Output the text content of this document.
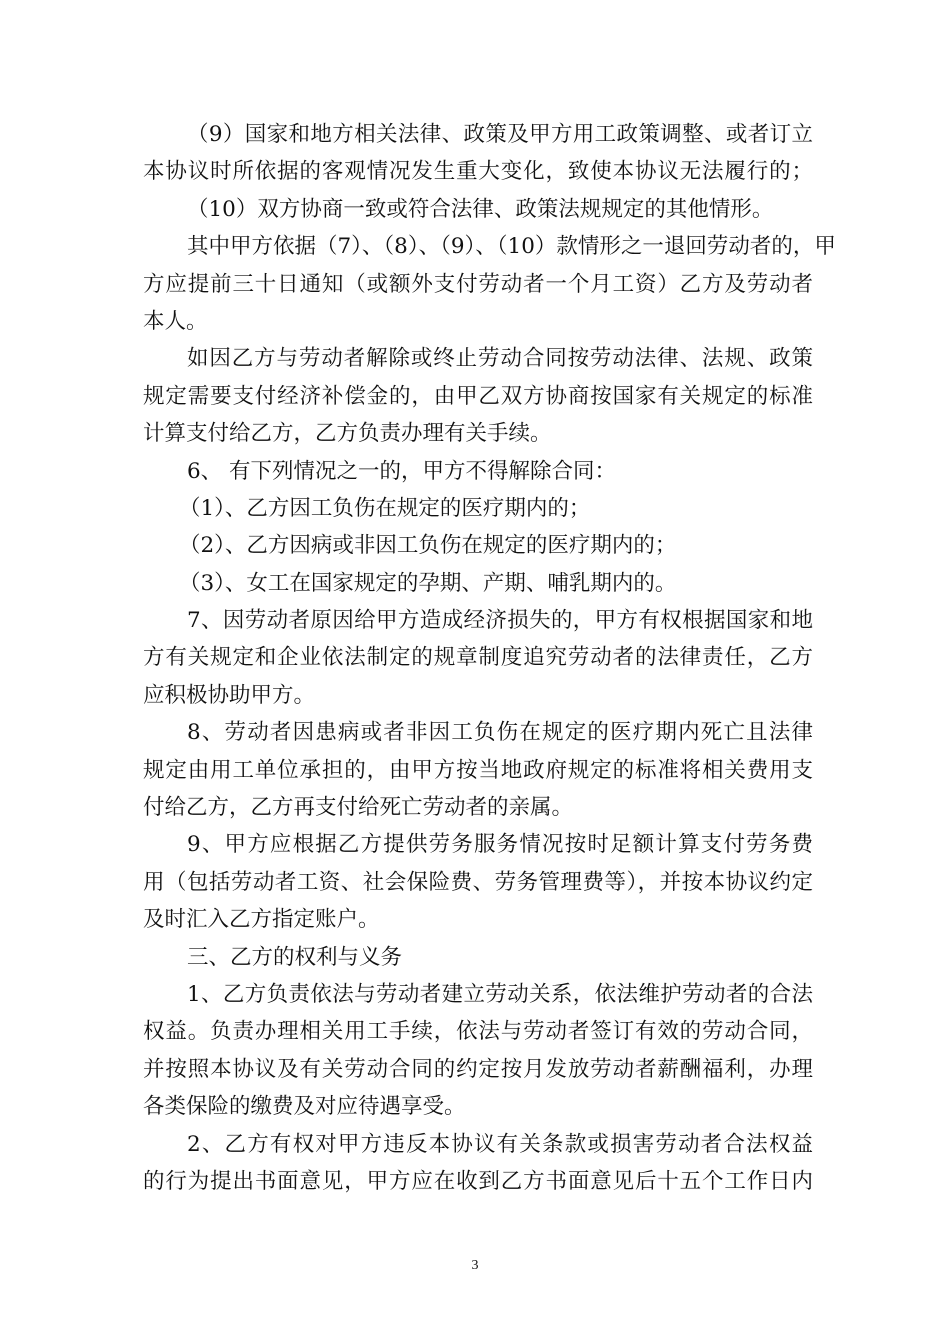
（9）国家和地方相关法律、政策及甲方用工政策调整、或者订立
本协议时所依据的客观情况发生重大变化，致使本协议无法履行的；
（10）双方协商一致或符合法律、政策法规规定的其他情形。
其中甲方依据（7）、（8）、（9）、（10）款情形之一退回劳动者的，甲
方应提前三十日通知（或额外支付劳动者一个月工资）乙方及劳动者
本人。
如因乙方与劳动者解除或终止劳动合同按劳动法律、法规、政策
规定需要支付经济补偿金的，由甲乙双方协商按国家有关规定的标准
计算支付给乙方，乙方负责办理有关手续。
6、 有下列情况之一的，甲方不得解除合同：
（1）、乙方因工负伤在规定的医疗期内的；
（2）、乙方因病或非因工负伤在规定的医疗期内的；
（3）、女工在国家规定的孕期、产期、哺乳期内的。
7、因劳动者原因给甲方造成经济损失的，甲方有权根据国家和地
方有关规定和企业依法制定的规章制度追究劳动者的法律责任，乙方
应积极协助甲方。
8、劳动者因患病或者非因工负伤在规定的医疗期内死亡且法律
规定由用工单位承担的，由甲方按当地政府规定的标准将相关费用支
付给乙方，乙方再支付给死亡劳动者的亲属。
9、甲方应根据乙方提供劳务服务情况按时足额计算支付劳务费
用（包括劳动者工资、社会保险费、劳务管理费等），并按本协议约定
及时汇入乙方指定账户。
三、乙方的权利与义务
1、乙方负责依法与劳动者建立劳动关系，依法维护劳动者的合法
权益。负责办理相关用工手续，依法与劳动者签订有效的劳动合同，
并按照本协议及有关劳动合同的约定按月发放劳动者薪酬福利，办理
各类保险的缴费及对应待遇享受。
2、乙方有权对甲方违反本协议有关条款或损害劳动者合法权益
的行为提出书面意见，甲方应在收到乙方书面意见后十五个工作日内
3
